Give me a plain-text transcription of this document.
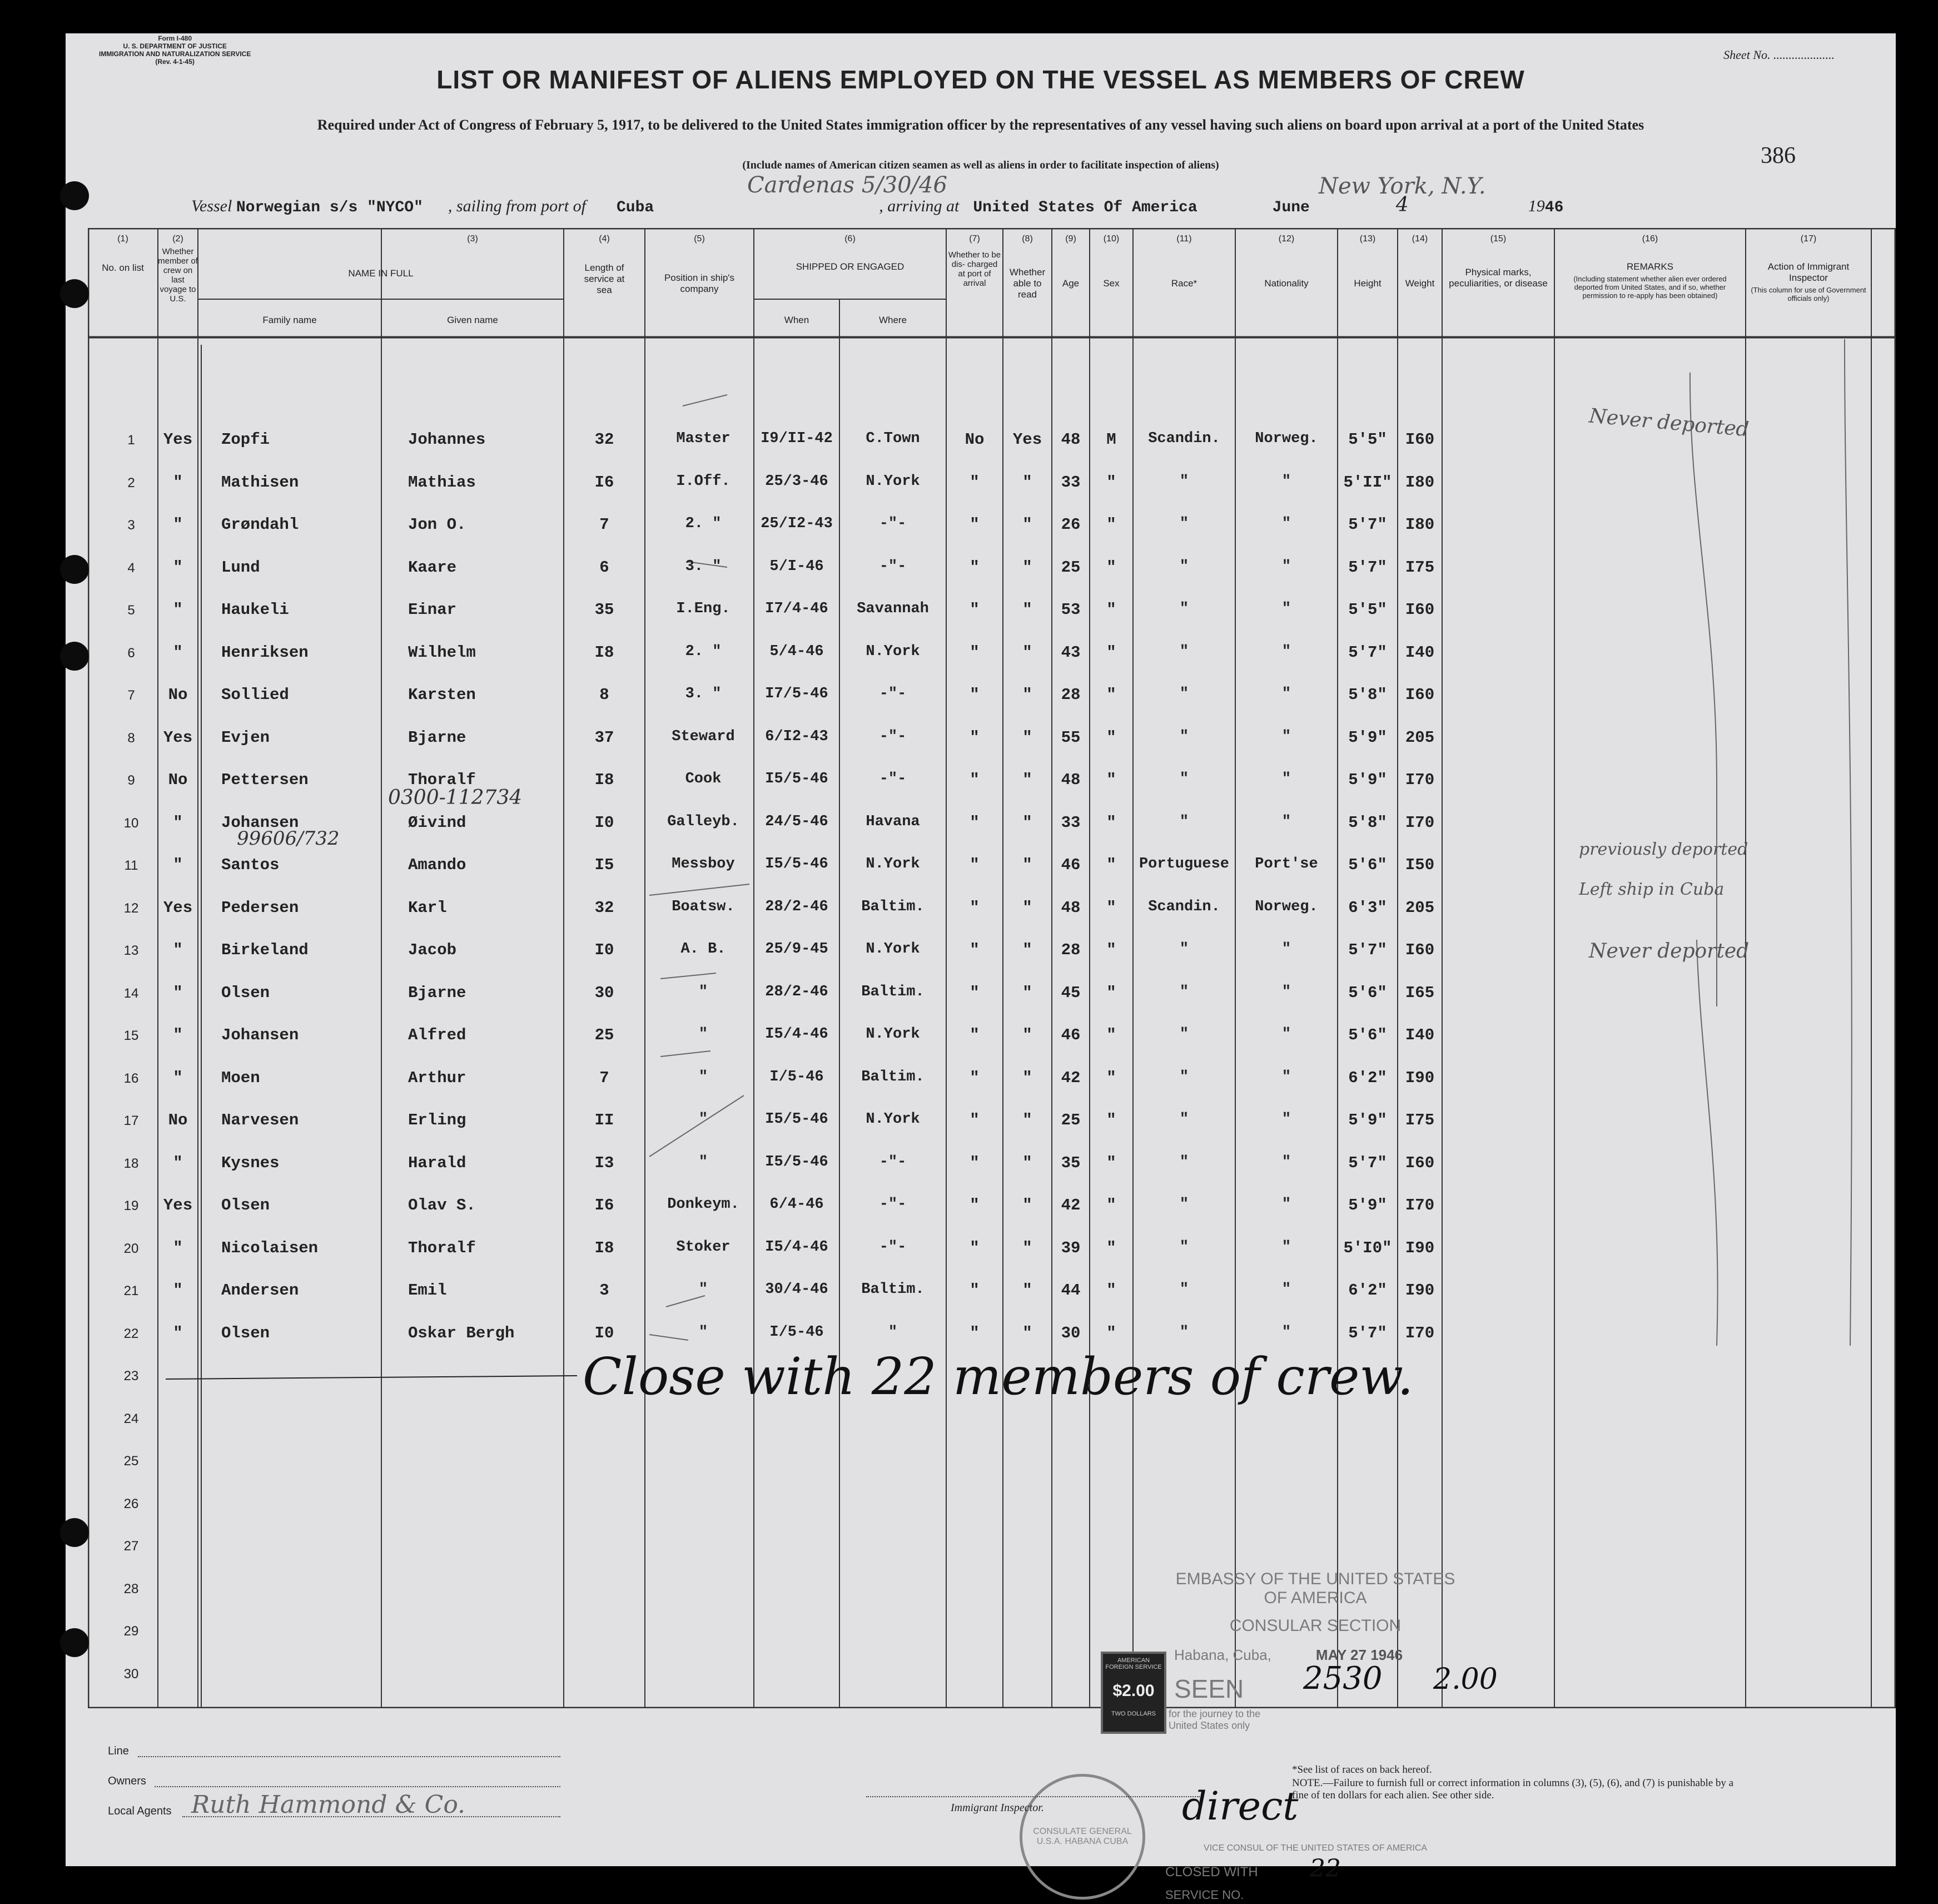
Form I-480
U. S. DEPARTMENT OF JUSTICE
IMMIGRATION AND NATURALIZATION SERVICE
(Rev. 4-1-45)	Sheet No. ....................
LIST OR MANIFEST OF ALIENS EMPLOYED ON THE VESSEL AS MEMBERS OF CREW
Required under Act of Congress of February 5, 1917, to be delivered to the United States immigration officer by the representatives of any vessel having such aliens on board upon arrival at a port of the United States
(Include names of American citizen seamen as well as aliens in order to facilitate inspection of aliens)	386
Cardenas 5/30/46	New York, N.Y.
Vessel Norwegian s/s "NYCO" , sailing from port of Cuba	, arriving at United States Of America	June	4	1946
(1)
No. on list
(2)
Whether member of crew on last voyage to U.S.
(3)
NAME IN FULL
Family name	Given name
(4)
Length of service at sea
(5)
Position in ship's company
(6)
SHIPPED OR ENGAGED
When	Where
(7)
Whether to be dis- charged at port of arrival
(8)
Whether able to read
(9)
Age
(10)
Sex
(11)
Race*
(12)
Nationality
(13)
Height
(14)
Weight
(15)
Physical marks, peculiarities, or disease
(16)
REMARKS
(Including statement whether alien ever ordered deported from United States, and if so, whether permission to re-apply has been obtained)
(17)
Action of Immigrant Inspector
(This column for use of Government officials only)
1	Yes	Zopfi	Johannes	32	Master	I9/II-42	C.Town	No	Yes	48	M	Scandin.	Norweg.	5'5"	I60
2	"	Mathisen	Mathias	I6	I.Off.	25/3-46	N.York	"	"	33	"	"	"	5'II" I80
3	"	Grøndahl	Jon O.	7	2. "	25/I2-43	-"-	"	"	26	"	"	"	5'7"	I80
4	"	Lund	Kaare	6	3. "	5/I-46	-"-	"	"	25	"	"	"	5'7"	I75
5	"	Haukeli	Einar	35	I.Eng.	I7/4-46	Savannah	"	"	53	"	"	"	5'5"	I60
6	"	Henriksen	Wilhelm	I8	2. "	5/4-46	N.York	"	"	43	"	"	"	5'7"	I40
7	No	Sollied	Karsten	8	3. "	I7/5-46	-"-	"	"	28	"	"	"	5'8"	I60
8	Yes	Evjen	Bjarne	37	Steward	6/I2-43	-"-	"	"	55	"	"	"	5'9"	205
9	No	Pettersen	Thoralf	I8	Cook	I5/5-46	-"-	"	"	48	"	"	"	5'9"	I70
10	"	Johansen	Øivind	I0	Galleyb.	24/5-46	Havana	"	"	33	"	"	"	5'8"	I70
11	"	Santos	Amando	I5	Messboy	I5/5-46	N.York	"	"	46	"	Portuguese	Port'se	5'6"	I50
12	Yes	Pedersen	Karl	32	Boatsw.	28/2-46	Baltim.	"	"	48	"	Scandin.	Norweg.	6'3"	205
13	"	Birkeland	Jacob	I0	A. B.	25/9-45	N.York	"	"	28	"	"	"	5'7"	I60
14	"	Olsen	Bjarne	30	"	28/2-46	Baltim.	"	"	45	"	"	"	5'6"	I65
15	"	Johansen	Alfred	25	"	I5/4-46	N.York	"	"	46	"	"	"	5'6"	I40
16	"	Moen	Arthur	7	"	I/5-46	Baltim.	"	"	42	"	"	"	6'2"	I90
17	No	Narvesen	Erling	II	"	I5/5-46	N.York	"	"	25	"	"	"	5'9"	I75
18	"	Kysnes	Harald	I3	"	I5/5-46	-"-	"	"	35	"	"	"	5'7"	I60
19	Yes	Olsen	Olav S.	I6	Donkeym.	6/4-46	-"-	"	"	42	"	"	"	5'9"	I70
20	"	Nicolaisen	Thoralf	I8	Stoker	I5/4-46	-"-	"	"	39	"	"	"	5'I0" I90
21	"	Andersen	Emil	3	"	30/4-46	Baltim.	"	"	44	"	"	"	6'2"	I90
22	"	Olsen	Oskar Bergh	I0	"	I/5-46	"	"	"	30	"	"	"	5'7"	I70
23
24
25
26
27
28
29
30
0300-112734
99606/732
Never deported
Never deported
previously deported
Left ship in Cuba
Close with 22 members of crew.
EMBASSY OF THE UNITED STATES
OF AMERICA
CONSULAR SECTION
Habana, Cuba,	MAY 27 1946
SEEN
for the journey to the
United States only
direct
VICE CONSUL OF THE UNITED STATES OF AMERICA
CLOSED WITH 22
SERVICE NO.
2530 2.00
AMERICAN FOREIGN SERVICE
$2.00
TWO DOLLARS
CONSULATE GENERAL U.S.A. HABANA CUBA
Line
Owners
Local Agents Ruth Hammond & Co.	Immigrant Inspector.
*See list of races on back hereof.
NOTE.—Failure to furnish full or correct information in columns (3), (5), (6), and (7) is punishable by a fine of ten dollars for each alien. See other side.
